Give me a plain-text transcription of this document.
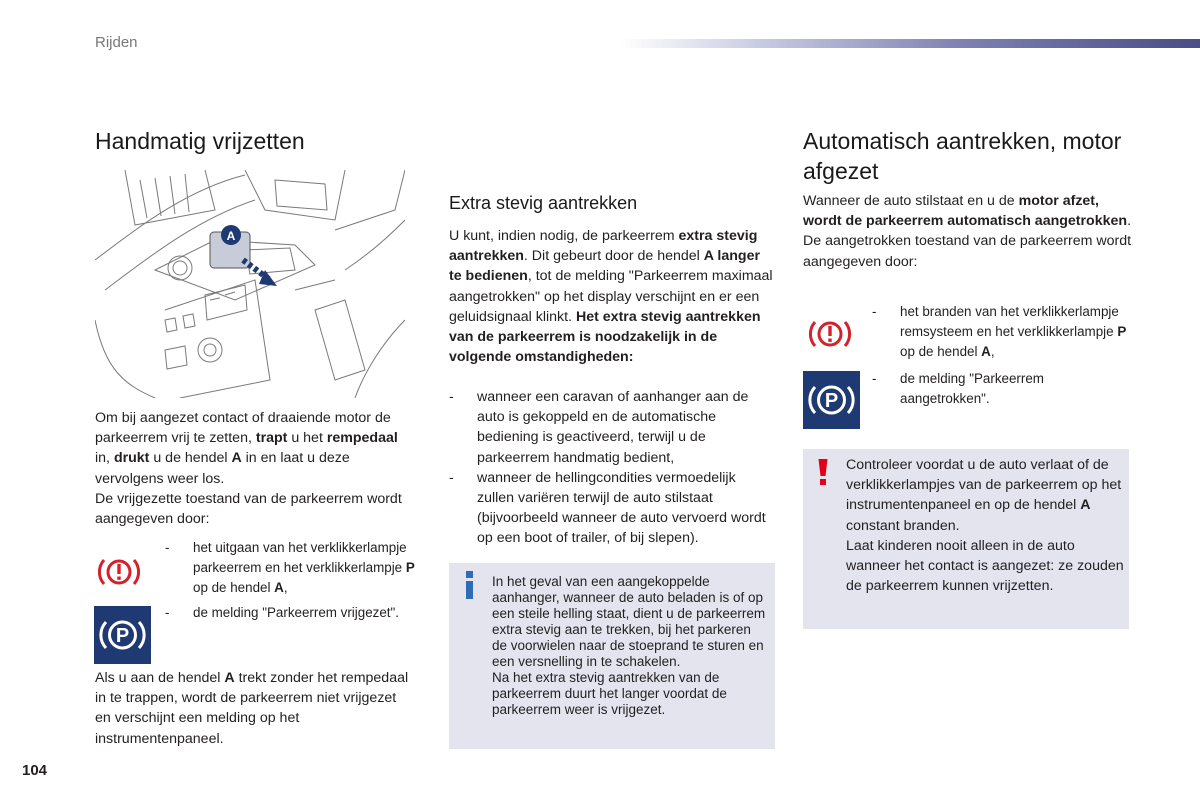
Rijden
Handmatig vrijzetten
A
Om bij aangezet contact of draaiende motor de parkeerrem vrij te zetten, trapt u het rempedaal in, drukt u de hendel A in en laat u deze vervolgens weer los.
De vrijgezette toestand van de parkeerrem wordt aangegeven door:
-	het uitgaan van het verklikkerlampje parkeerrem en het verklikkerlampje P op de hendel A,
P
-	de melding "Parkeerrem vrijgezet".
Als u aan de hendel A trekt zonder het rempedaal in te trappen, wordt de parkeerrem niet vrijgezet en verschijnt een melding op het instrumentenpaneel.
104
Extra stevig aantrekken
U kunt, indien nodig, de parkeerrem extra stevig aantrekken. Dit gebeurt door de hendel A langer te bedienen, tot de melding "Parkeerrem maximaal aangetrokken" op het display verschijnt en er een geluidsignaal klinkt. Het extra stevig aantrekken van de parkeerrem is noodzakelijk in de volgende omstandigheden:
- wanneer een caravan of aanhanger aan de auto is gekoppeld en de automatische bediening is geactiveerd, terwijl u de parkeerrem handmatig bedient,
- wanneer de hellingcondities vermoedelijk zullen variëren terwijl de auto stilstaat (bijvoorbeeld wanneer de auto vervoerd wordt op een boot of trailer, of bij slepen).
In het geval van een aangekoppelde aanhanger, wanneer de auto beladen is of op een steile helling staat, dient u de parkeerrem extra stevig aan te trekken, bij het parkeren de voorwielen naar de stoeprand te sturen en een versnelling in te schakelen.
Na het extra stevig aantrekken van de parkeerrem duurt het langer voordat de parkeerrem weer is vrijgezet.
Automatisch aantrekken, motor afgezet
Wanneer de auto stilstaat en u de motor afzet, wordt de parkeerrem automatisch aangetrokken.
De aangetrokken toestand van de parkeerrem wordt aangegeven door:
-	het branden van het verklikkerlampje remsysteem en het verklikkerlampje P op de hendel A,
P
-	de melding "Parkeerrem aangetrokken".
Controleer voordat u de auto verlaat of de verklikkerlampjes van de parkeerrem op het instrumentenpaneel en op de hendel A constant branden.
Laat kinderen nooit alleen in de auto wanneer het contact is aangezet: ze zouden de parkeerrem kunnen vrijzetten.
